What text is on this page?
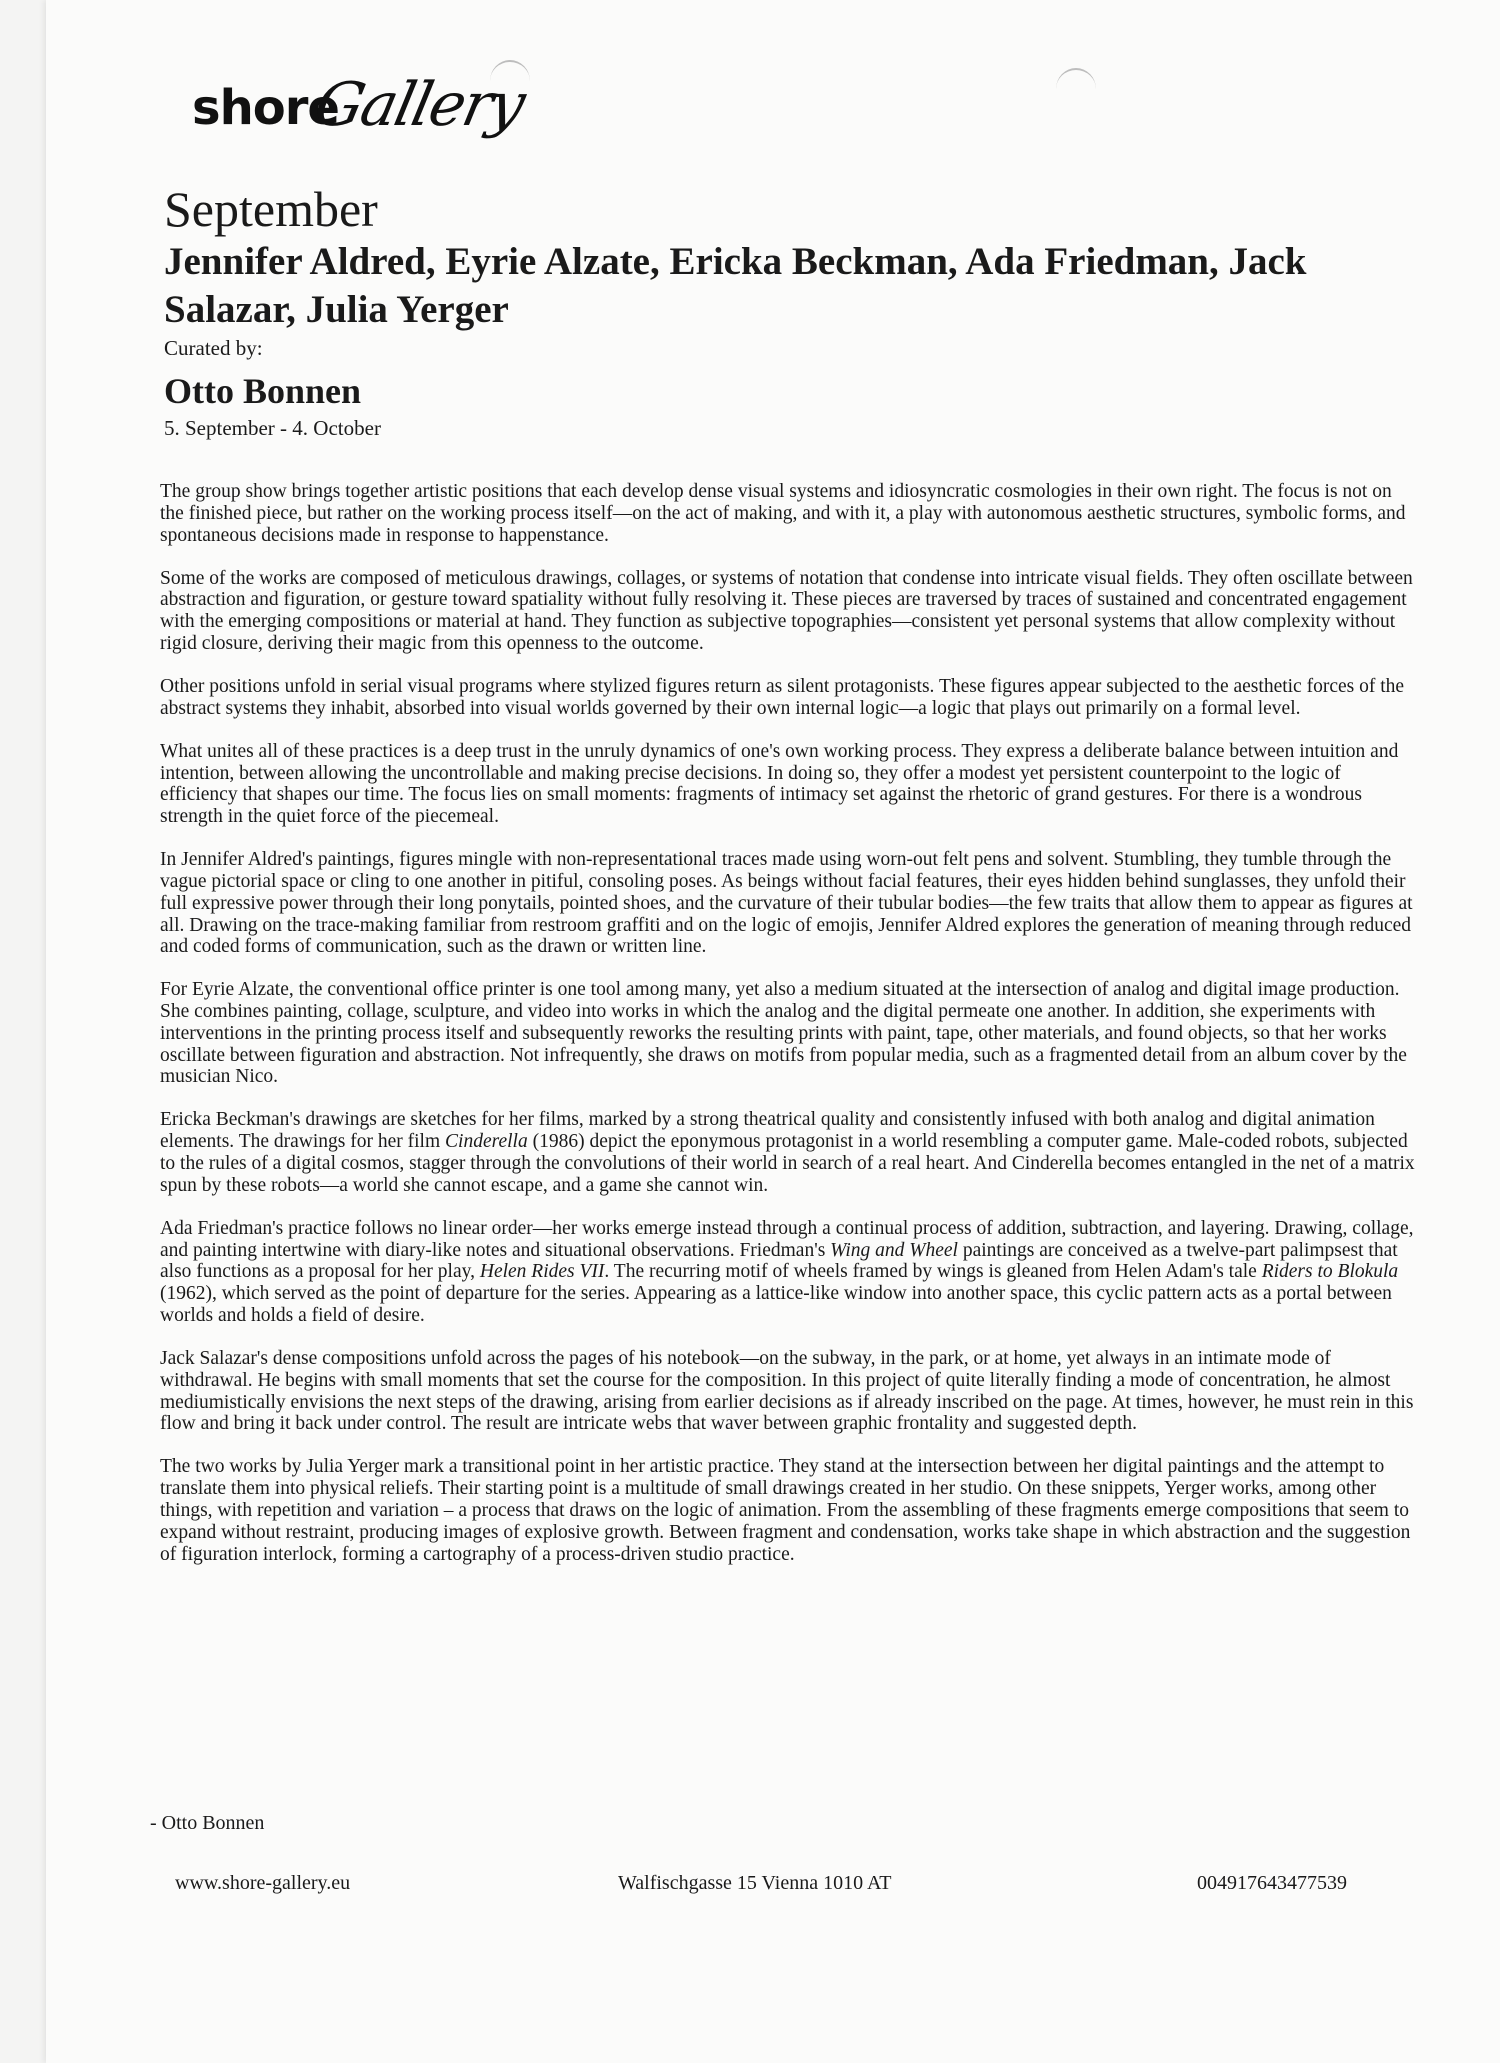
shore
Gallery
September
Jennifer Aldred, Eyrie Alzate, Ericka Beckman, Ada Friedman, Jack Salazar, Julia Yerger
Curated by:
Otto Bonnen
5. September - 4. October

The group show brings together artistic positions that each develop dense visual systems and idiosyncratic cosmologies in their own right. The focus is not on the finished piece, but rather on the working process itself—on the act of making, and with it, a play with autonomous aesthetic structures, symbolic forms, and spontaneous decisions made in response to happenstance.

Some of the works are composed of meticulous drawings, collages, or systems of notation that condense into intricate visual fields. They often oscillate between abstraction and figuration, or gesture toward spatiality without fully resolving it. These pieces are traversed by traces of sustained and concentrated engagement with the emerging compositions or material at hand. They function as subjective topographies—consistent yet personal systems that allow complexity without rigid closure, deriving their magic from this openness to the outcome.

Other positions unfold in serial visual programs where stylized figures return as silent protagonists. These figures appear subjected to the aesthetic forces of the abstract systems they inhabit, absorbed into visual worlds governed by their own internal logic—a logic that plays out primarily on a formal level.

What unites all of these practices is a deep trust in the unruly dynamics of one's own working process. They express a deliberate balance between intuition and intention, between allowing the uncontrollable and making precise decisions. In doing so, they offer a modest yet persistent counterpoint to the logic of efficiency that shapes our time. The focus lies on small moments: fragments of intimacy set against the rhetoric of grand gestures. For there is a wondrous strength in the quiet force of the piecemeal.

In Jennifer Aldred's paintings, figures mingle with non-representational traces made using worn-out felt pens and solvent. Stumbling, they tumble through the vague pictorial space or cling to one another in pitiful, consoling poses. As beings without facial features, their eyes hidden behind sunglasses, they unfold their full expressive power through their long ponytails, pointed shoes, and the curvature of their tubular bodies—the few traits that allow them to appear as figures at all. Drawing on the trace-making familiar from restroom graffiti and on the logic of emojis, Jennifer Aldred explores the generation of meaning through reduced and coded forms of communication, such as the drawn or written line.

For Eyrie Alzate, the conventional office printer is one tool among many, yet also a medium situated at the intersection of analog and digital image production. She combines painting, collage, sculpture, and video into works in which the analog and the digital permeate one another. In addition, she experiments with interventions in the printing process itself and subsequently reworks the resulting prints with paint, tape, other materials, and found objects, so that her works oscillate between figuration and abstraction. Not infrequently, she draws on motifs from popular media, such as a fragmented detail from an album cover by the musician Nico.

Ericka Beckman's drawings are sketches for her films, marked by a strong theatrical quality and consistently infused with both analog and digital animation elements. The drawings for her film Cinderella (1986) depict the eponymous protagonist in a world resembling a computer game. Male-coded robots, subjected to the rules of a digital cosmos, stagger through the convolutions of their world in search of a real heart. And Cinderella becomes entangled in the net of a matrix spun by these robots—a world she cannot escape, and a game she cannot win.

Ada Friedman's practice follows no linear order—her works emerge instead through a continual process of addition, subtraction, and layering. Drawing, collage, and painting intertwine with diary-like notes and situational observations. Friedman's Wing and Wheel paintings are conceived as a twelve-part palimpsest that also functions as a proposal for her play, Helen Rides VII. The recurring motif of wheels framed by wings is gleaned from Helen Adam's tale Riders to Blokula (1962), which served as the point of departure for the series. Appearing as a lattice-like window into another space, this cyclic pattern acts as a portal between worlds and holds a field of desire.

Jack Salazar's dense compositions unfold across the pages of his notebook—on the subway, in the park, or at home, yet always in an intimate mode of withdrawal. He begins with small moments that set the course for the composition. In this project of quite literally finding a mode of concentration, he almost mediumistically envisions the next steps of the drawing, arising from earlier decisions as if already inscribed on the page. At times, however, he must rein in this flow and bring it back under control. The result are intricate webs that waver between graphic frontality and suggested depth.

The two works by Julia Yerger mark a transitional point in her artistic practice. They stand at the intersection between her digital paintings and the attempt to translate them into physical reliefs. Their starting point is a multitude of small drawings created in her studio. On these snippets, Yerger works, among other things, with repetition and variation – a process that draws on the logic of animation. From the assembling of these fragments emerge compositions that seem to expand without restraint, producing images of explosive growth. Between fragment and condensation, works take shape in which abstraction and the suggestion of figuration interlock, forming a cartography of a process-driven studio practice.

- Otto Bonnen
www.shore-gallery.eu	Walfischgasse 15 Vienna 1010 AT	004917643477539
